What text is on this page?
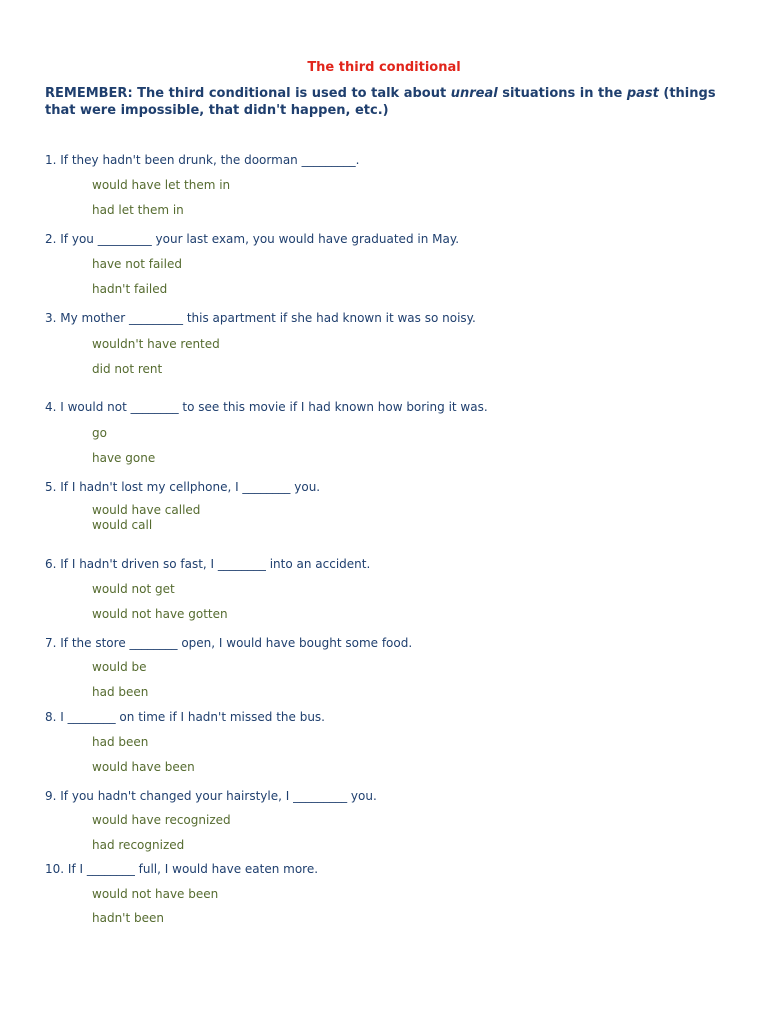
The third conditional
REMEMBER: The third conditional is used to talk about unreal situations in the past (things that were impossible, that didn't happen, etc.)
1. If they hadn't been drunk, the doorman _________.
would have let them in
had let them in
2. If you _________ your last exam, you would have graduated in May.
have not failed
hadn't failed
3. My mother _________ this apartment if she had known it was so noisy.
wouldn't have rented
did not rent
4. I would not ________ to see this movie if I had known how boring it was.
go
have gone
5. If I hadn't lost my cellphone, I ________ you.
would have called
would call
6. If I hadn't driven so fast, I ________ into an accident.
would not get
would not have gotten
7. If the store ________ open, I would have bought some food.
would be
had been
8. I ________ on time if I hadn't missed the bus.
had been
would have been
9. If you hadn't changed your hairstyle, I _________ you.
would have recognized
had recognized
10. If I ________ full, I would have eaten more.
would not have been
hadn't been
